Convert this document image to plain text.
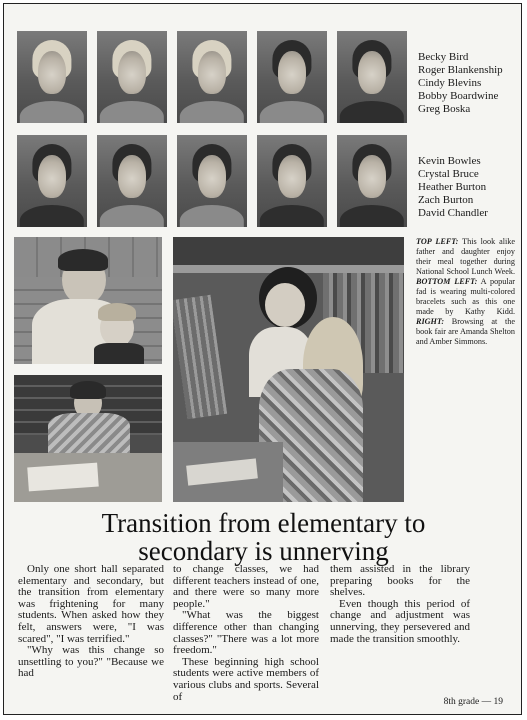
Becky Bird
Roger Blankenship
Cindy Blevins
Bobby Boardwine
Greg Boska
Kevin Bowles
Crystal Bruce
Heather Burton
Zach Burton
David Chandler
TOP LEFT: This look alike father and daughter enjoy their meal together during National School Lunch Week. BOTTOM LEFT: A popular fad is wearing multi-colored bracelets such as this one made by Kathy Kidd. RIGHT: Browsing at the book fair are Amanda Shelton and Amber Simmons.
Transition from elementary to
secondary is unnerving

Only one short hall separated elementary and secondary, but the transition from elementary was frightening for many students. When asked how they felt, answers were, "I was scared", "I was terrified."

"Why was this change so unsettling to you?" "Because we had

to change classes, we had different teachers instead of one, and there were so many more people."

"What was the biggest difference other than changing classes?" "There was a lot more freedom."

These beginning high school students were active members of various clubs and sports. Several of

them assisted in the library preparing books for the shelves.

Even though this period of change and adjustment was unnerving, they persevered and made the transition smoothly.

8th grade — 19
